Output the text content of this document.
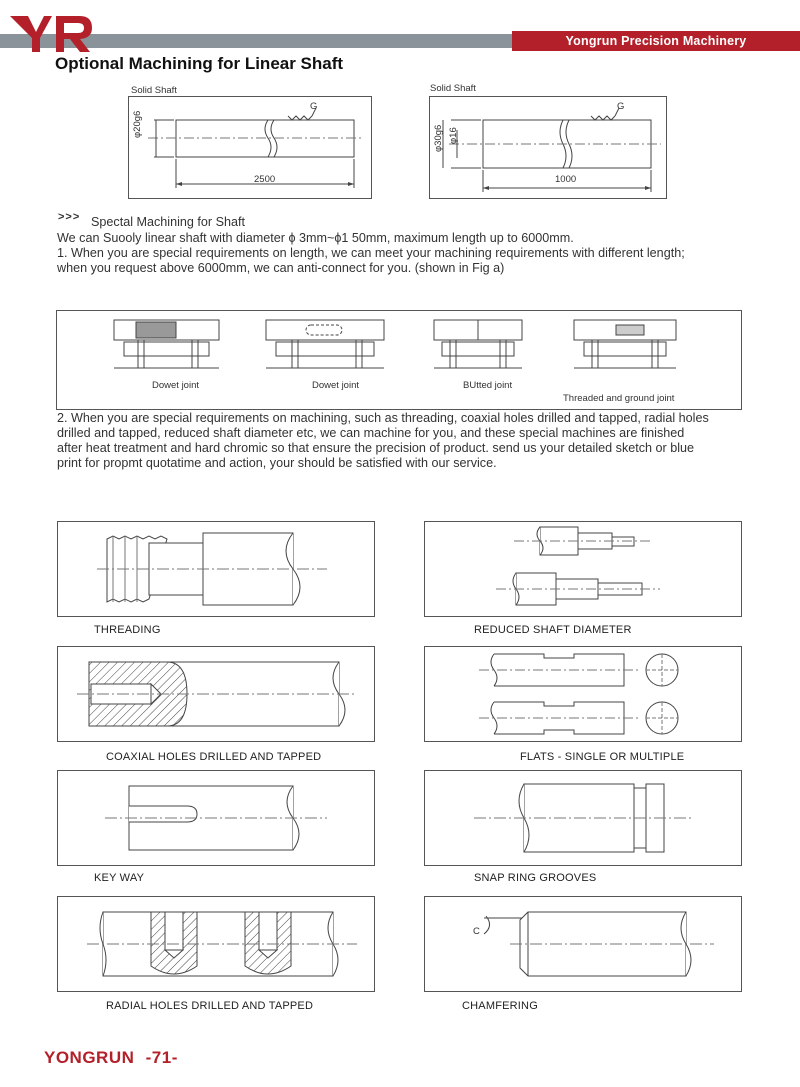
Yongrun Precision Machinery
Optional Machining for Linear Shaft
Solid Shaft
G
φ20g6
2500
Solid Shaft
G
φ30g6 φ16
1000
>>> Spectal Machining for Shaft
We can Suooly linear shaft with diameter ϕ 3mm~ϕ1 50mm, maximum length up to 6000mm.
1. When you are special requirements on length, we can meet your machining requirements with different length;
when you request above 6000mm, we can anti-connect for you. (shown in Fig a)
Dowet joint	Dowet joint	BUtted joint
Threaded and ground joint
2. When you are special requirements on machining, such as threading, coaxial holes drilled and tapped, radial holes
drilled and tapped, reduced shaft diameter etc, we can machine for you, and these special machines are finished
after heat treatment and hard chromic so that ensure the precision of product. send us your detailed sketch or blue
print for propmt quotatime and action, your should be satisfied with our service.
THREADING	REDUCED SHAFT DIAMETER
COAXIAL HOLES DRILLED AND TAPPED	FLATS - SINGLE OR MULTIPLE
KEY WAY	SNAP RING GROOVES
RADIAL HOLES DRILLED AND TAPPED
C
CHAMFERING
YONGRUN -71-
